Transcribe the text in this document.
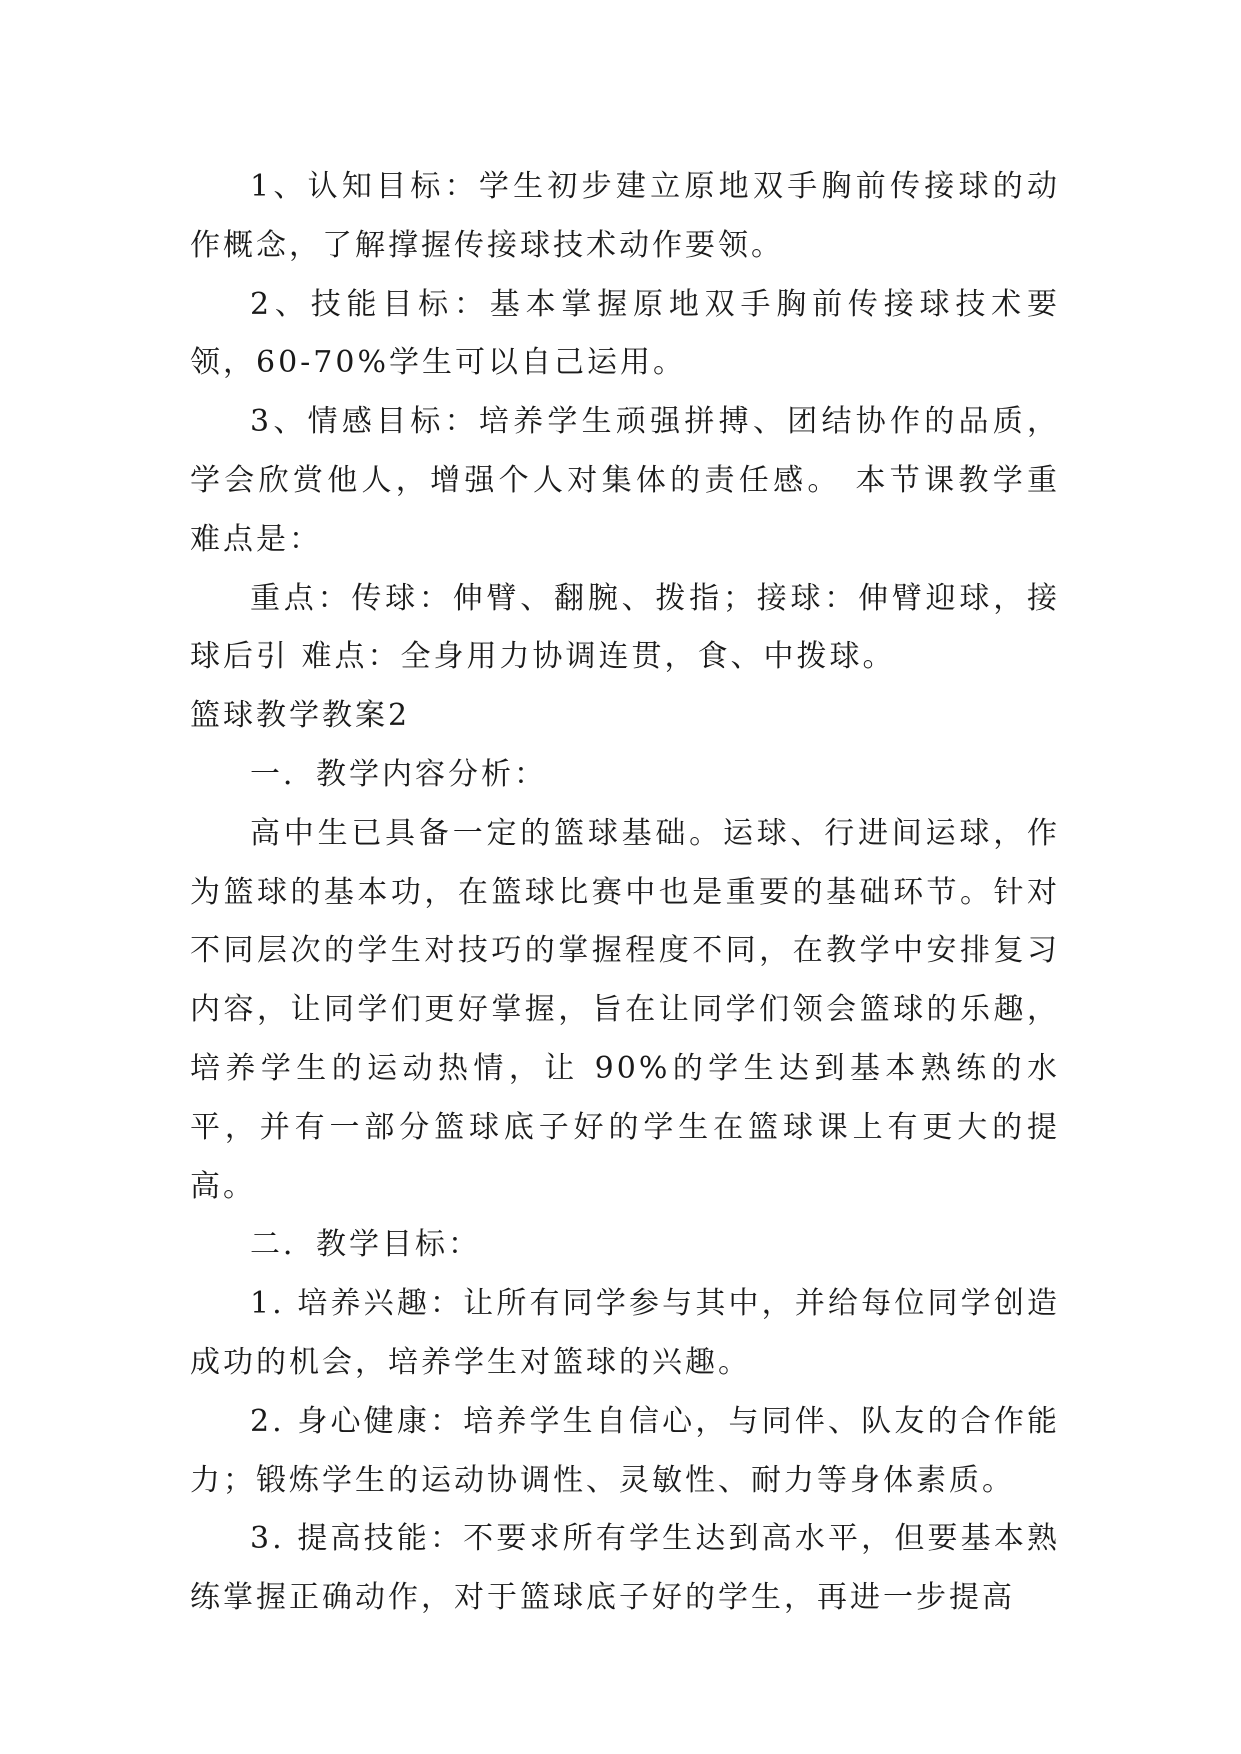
1、认知目标：学生初步建立原地双手胸前传接球的动作概念，了解撑握传接球技术动作要领。

2、技能目标：基本掌握原地双手胸前传接球技术要领，60-70%学生可以自己运用。

3、情感目标：培养学生顽强拼搏、团结协作的品质，学会欣赏他人，增强个人对集体的责任感。 本节课教学重难点是：

重点：传球：伸臂、翻腕、拨指；接球：伸臂迎球，接球后引 难点：全身用力协调连贯，食、中拨球。

篮球教学教案2

一．教学内容分析：

高中生已具备一定的篮球基础。运球、行进间运球，作为篮球的基本功，在篮球比赛中也是重要的基础环节。针对不同层次的学生对技巧的掌握程度不同，在教学中安排复习内容，让同学们更好掌握，旨在让同学们领会篮球的乐趣，培养学生的运动热情，让 90%的学生达到基本熟练的水平，并有一部分篮球底子好的学生在篮球课上有更大的提高。

二．教学目标：

1. 培养兴趣：让所有同学参与其中，并给每位同学创造成功的机会，培养学生对篮球的兴趣。

2. 身心健康：培养学生自信心，与同伴、队友的合作能力；锻炼学生的运动协调性、灵敏性、耐力等身体素质。

3. 提高技能：不要求所有学生达到高水平，但要基本熟练掌握正确动作，对于篮球底子好的学生，再进一步提高
